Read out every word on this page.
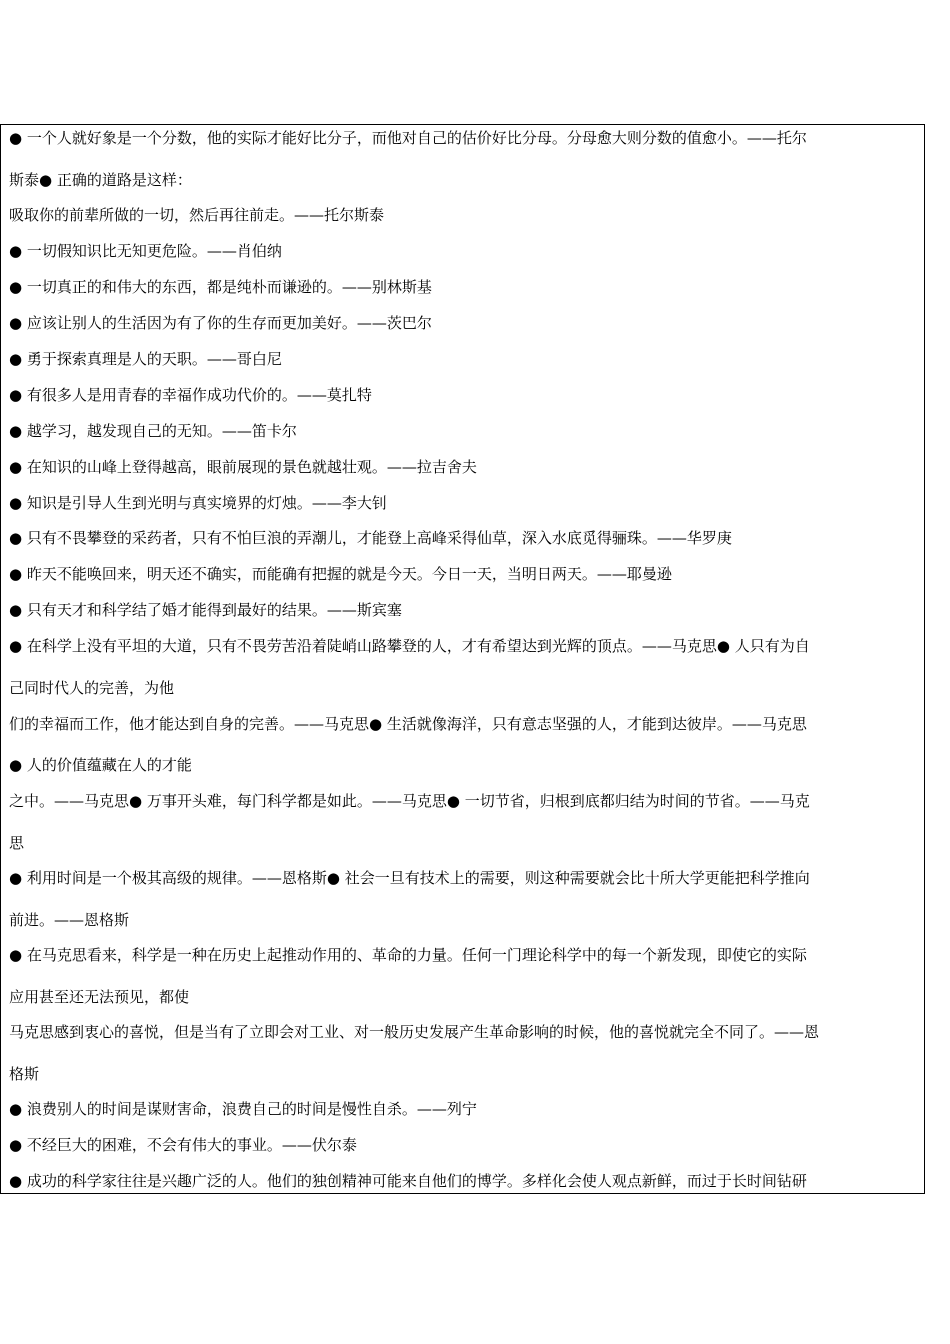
● 一个人就好象是一个分数，他的实际才能好比分子，而他对自己的估价好比分母。分母愈大则分数的值愈小。——托尔
斯泰● 正确的道路是这样：
吸取你的前辈所做的一切，然后再往前走。——托尔斯泰
● 一切假知识比无知更危险。——肖伯纳
● 一切真正的和伟大的东西，都是纯朴而谦逊的。——别林斯基
● 应该让别人的生活因为有了你的生存而更加美好。——茨巴尔
● 勇于探索真理是人的天职。——哥白尼
● 有很多人是用青春的幸福作成功代价的。——莫扎特
● 越学习，越发现自己的无知。——笛卡尔
● 在知识的山峰上登得越高，眼前展现的景色就越壮观。——拉吉舍夫
● 知识是引导人生到光明与真实境界的灯烛。——李大钊
● 只有不畏攀登的采药者，只有不怕巨浪的弄潮儿，才能登上高峰采得仙草，深入水底觅得骊珠。——华罗庚
● 昨天不能唤回来，明天还不确实，而能确有把握的就是今天。今日一天，当明日两天。——耶曼逊
● 只有天才和科学结了婚才能得到最好的结果。——斯宾塞
● 在科学上没有平坦的大道，只有不畏劳苦沿着陡峭山路攀登的人，才有希望达到光辉的顶点。——马克思● 人只有为自
己同时代人的完善，为他
们的幸福而工作，他才能达到自身的完善。——马克思● 生活就像海洋，只有意志坚强的人，才能到达彼岸。——马克思
● 人的价值蕴藏在人的才能
之中。——马克思● 万事开头难，每门科学都是如此。——马克思● 一切节省，归根到底都归结为时间的节省。——马克
思
● 利用时间是一个极其高级的规律。——恩格斯● 社会一旦有技术上的需要，则这种需要就会比十所大学更能把科学推向
前进。——恩格斯
● 在马克思看来，科学是一种在历史上起推动作用的、革命的力量。任何一门理论科学中的每一个新发现，即使它的实际
应用甚至还无法预见，都使
马克思感到衷心的喜悦，但是当有了立即会对工业、对一般历史发展产生革命影响的时候，他的喜悦就完全不同了。——恩
格斯
● 浪费别人的时间是谋财害命，浪费自己的时间是慢性自杀。——列宁
● 不经巨大的困难，不会有伟大的事业。——伏尔泰
● 成功的科学家往往是兴趣广泛的人。他们的独创精神可能来自他们的博学。多样化会使人观点新鲜，而过于长时间钻研
